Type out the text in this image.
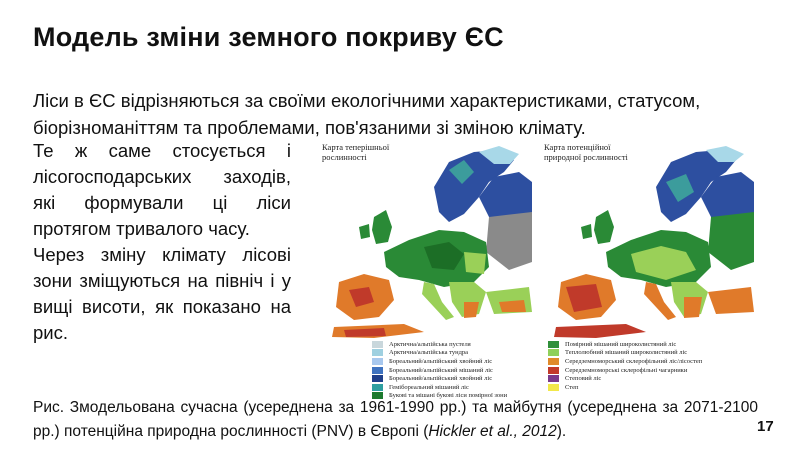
Модель зміни земного покриву ЄС
Ліси в ЄС відрізняються за своїми екологічними характеристиками, статусом, біорізноманіттям та проблемами, пов'язаними зі зміною клімату.

Те ж саме стосується і лісогосподарських заходів, які формували ці ліси протягом тривалого часу.

Через зміну клімату лісові зони зміщуються на північ і у вищі висоти, як показано на рис.

Карта теперішньої рослинності
Карта потенційної природної рослинності
Арктична/альпійська пустеля
Арктична/альпійська тундра
Бореальний/альпійський хвойний ліс
Бореальний/альпійський мішаний ліс
Бореальний/альпійський хвойний ліс
Гемібореальний мішаний ліс
Букові та мішані букові ліси помірної зони
Помірний мішаний широколистяний ліс
Теплолюбний мішаний широколистяний ліс
Середземноморський склерофільний ліс/лісостеп
Середземноморські склерофільні чагарники
Степовий ліс
Степ
Рис. Змодельована сучасна (усереднена за 1961-1990 рр.) та майбутня (усереднена за 2071-2100 рр.) потенційна природна рослинності (PNV) в Європі (Hickler et al., 2012).	17
